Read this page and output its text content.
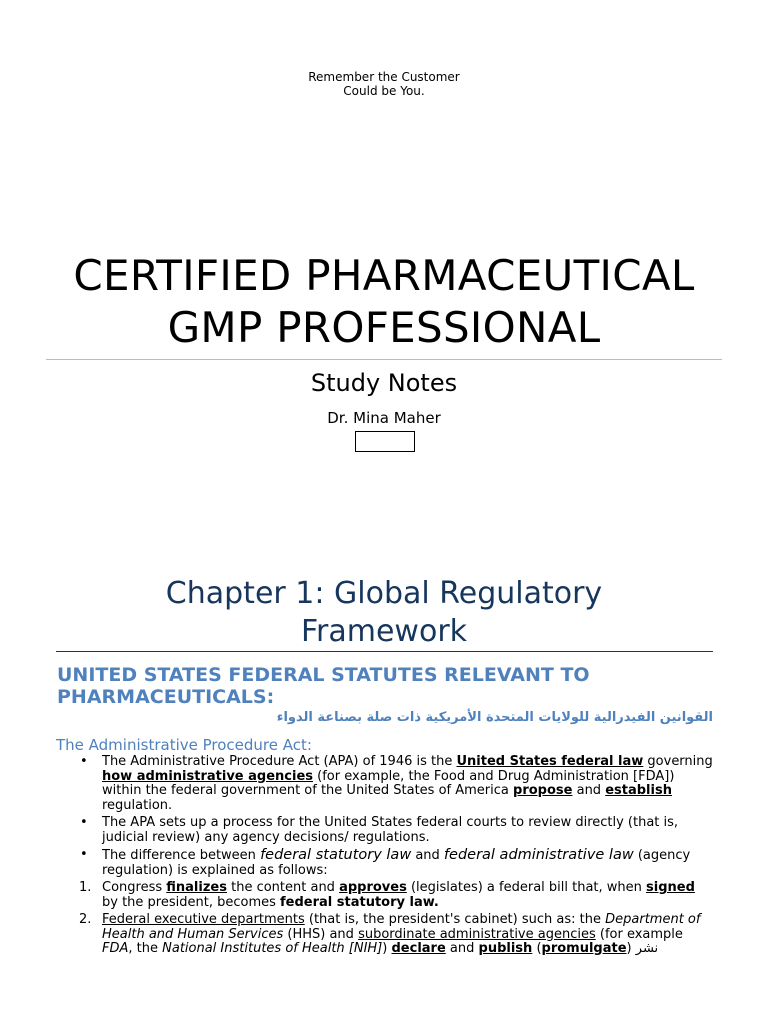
Remember the Customer
Could be You.
CERTIFIED PHARMACEUTICAL
GMP PROFESSIONAL
Study Notes
Dr. Mina Maher
Chapter 1: Global Regulatory
Framework
UNITED STATES FEDERAL STATUTES RELEVANT TO
PHARMACEUTICALS:
القوانين الفيدرالية للولايات المتحدة الأمريكية ذات صلة بصناعة الدواء
The Administrative Procedure Act:
•	The Administrative Procedure Act (APA) of 1946 is the United States federal law governing how administrative agencies (for example, the Food and Drug Administration [FDA]) within the federal government of the United States of America propose and establish regulation.
•	The APA sets up a process for the United States federal courts to review directly (that is, judicial review) any agency decisions/ regulations.
•	The difference between federal statutory law and federal administrative law (agency regulation) is explained as follows:
1. Congress finalizes the content and approves (legislates) a federal bill that, when signed by the president, becomes federal statutory law.
2. Federal executive departments (that is, the president's cabinet) such as: the Department of Health and Human Services (HHS) and subordinate administrative agencies (for example FDA, the National Institutes of Health [NIH]) declare and publish (promulgate) نشر
